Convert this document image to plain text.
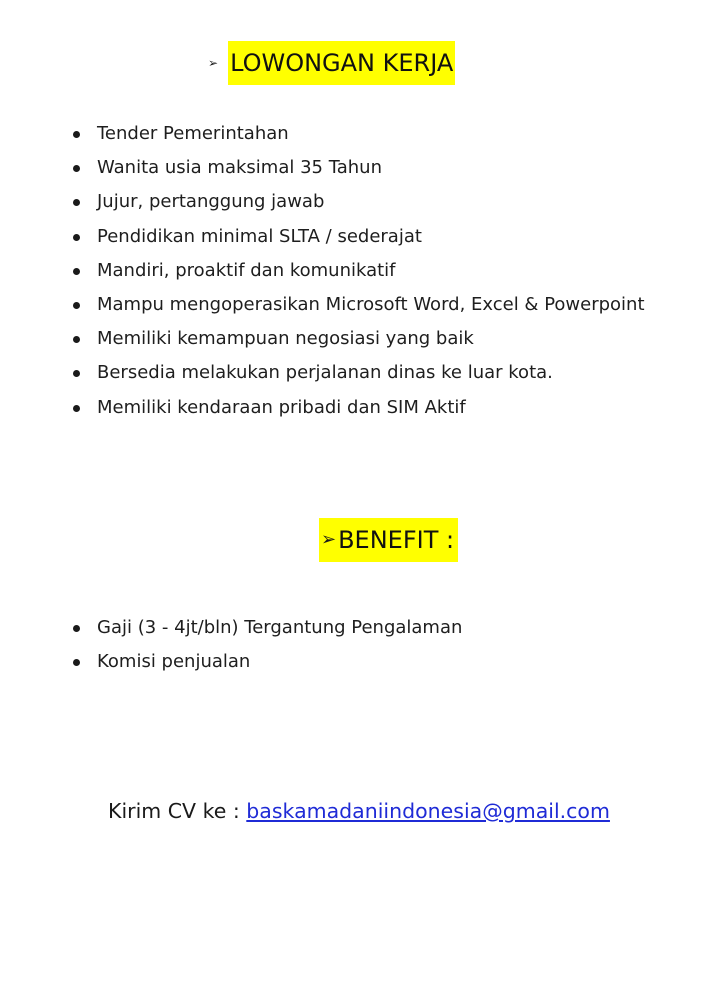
➢ LOWONGAN KERJA
Tender Pemerintahan
Wanita usia maksimal 35 Tahun
Jujur, pertanggung jawab
Pendidikan minimal SLTA / sederajat
Mandiri, proaktif dan komunikatif
Mampu mengoperasikan Microsoft Word, Excel & Powerpoint
Memiliki kemampuan negosiasi yang baik
Bersedia melakukan perjalanan dinas ke luar kota.
Memiliki kendaraan pribadi dan SIM Aktif
➢ BENEFIT :
Gaji (3 - 4jt/bln) Tergantung Pengalaman
Komisi penjualan
Kirim CV ke : baskamadaniindonesia@gmail.com
